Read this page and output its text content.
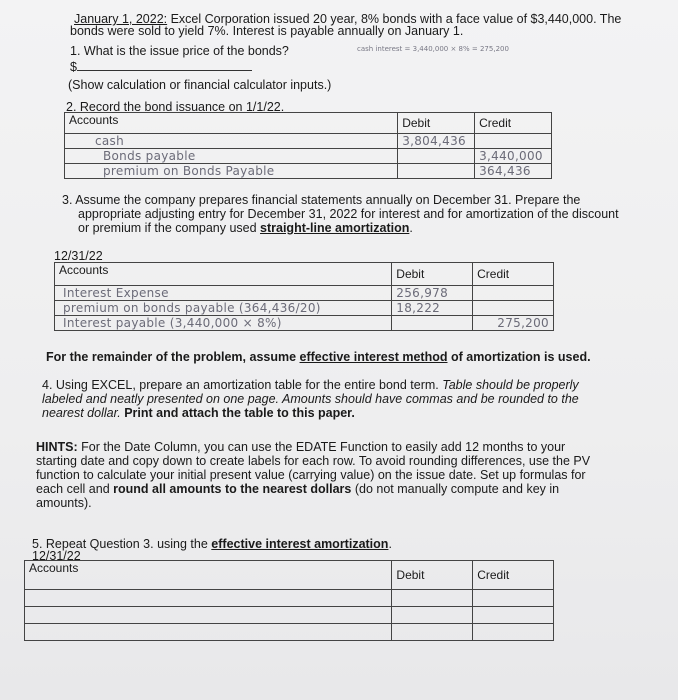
January 1, 2022: Excel Corporation issued 20 year, 8% bonds with a face value of $3,440,000. The
bonds were sold to yield 7%. Interest is payable annually on January 1.
cash interest = 3,440,000 × 8% = 275,200
1. What is the issue price of the bonds?
$
(Show calculation or financial calculator inputs.)
2. Record the bond issuance on 1/1/22.
Accounts	Debit	Credit
cash	3,804,436	
Bonds payable		3,440,000
premium on Bonds Payable		364,436
3. Assume the company prepares financial statements annually on December 31. Prepare the
appropriate adjusting entry for December 31, 2022 for interest and for amortization of the discount
or premium if the company used straight-line amortization.
12/31/22
Accounts	Debit	Credit
Interest Expense	256,978	
premium on bonds payable (364,436/20)	18,222	
Interest payable (3,440,000 × 8%)		275,200
For the remainder of the problem, assume effective interest method of amortization is used.
4. Using EXCEL, prepare an amortization table for the entire bond term. Table should be properly
labeled and neatly presented on one page. Amounts should have commas and be rounded to the
nearest dollar. Print and attach the table to this paper.
HINTS: For the Date Column, you can use the EDATE Function to easily add 12 months to your
starting date and copy down to create labels for each row. To avoid rounding differences, use the PV
function to calculate your initial present value (carrying value) on the issue date. Set up formulas for
each cell and round all amounts to the nearest dollars (do not manually compute and key in
amounts).
5. Repeat Question 3. using the effective interest amortization.
12/31/22
Accounts	Debit	Credit
